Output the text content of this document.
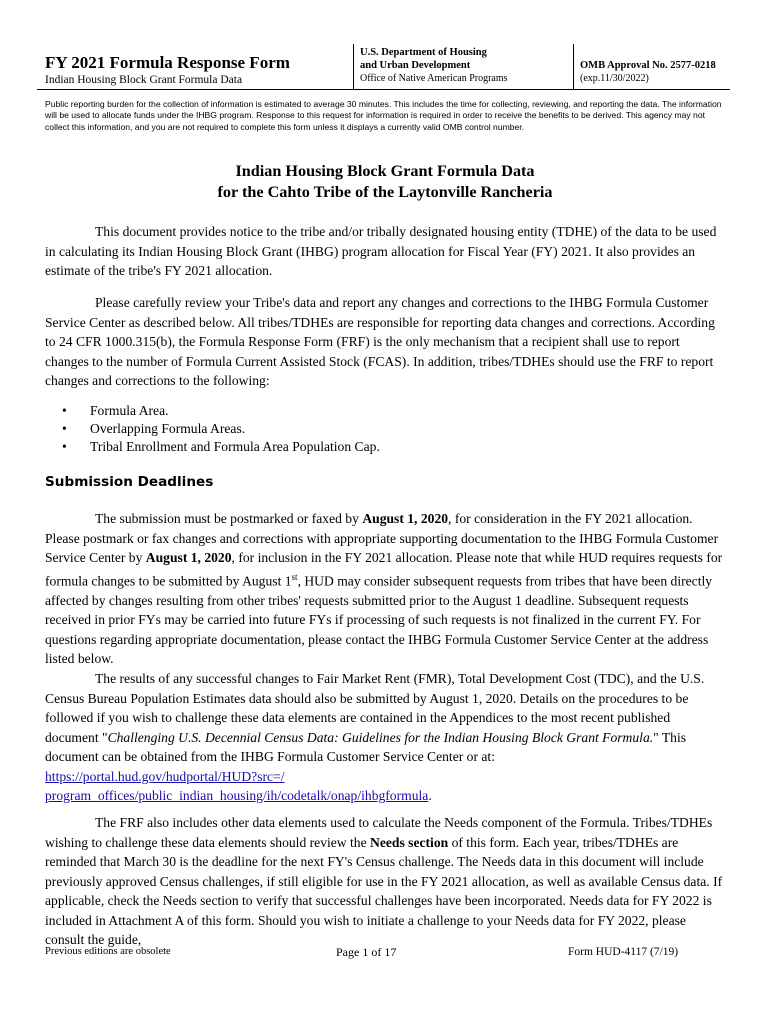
FY 2021 Formula Response Form
Indian Housing Block Grant Formula Data
U.S. Department of Housing
and Urban Development
Office of Native American Programs
OMB Approval No. 2577-0218
(exp.11/30/2022)
Public reporting burden for the collection of information is estimated to average 30 minutes. This includes the time for collecting, reviewing, and reporting the data. The information will be used to allocate funds under the IHBG program. Response to this request for information is required in order to receive the benefits to be derived. This agency may not collect this information, and you are not required to complete this form unless it displays a currently valid OMB control number.
Indian Housing Block Grant Formula Data
for the Cahto Tribe of the Laytonville Rancheria
This document provides notice to the tribe and/or tribally designated housing entity (TDHE) of the data to be used in calculating its Indian Housing Block Grant (IHBG) program allocation for Fiscal Year (FY) 2021. It also provides an estimate of the tribe's FY 2021 allocation.
Please carefully review your Tribe's data and report any changes and corrections to the IHBG Formula Customer Service Center as described below. All tribes/TDHEs are responsible for reporting data changes and corrections. According to 24 CFR 1000.315(b), the Formula Response Form (FRF) is the only mechanism that a recipient shall use to report changes to the number of Formula Current Assisted Stock (FCAS). In addition, tribes/TDHEs should use the FRF to report changes and corrections to the following:
• Formula Area.
• Overlapping Formula Areas.
• Tribal Enrollment and Formula Area Population Cap.
Submission Deadlines
The submission must be postmarked or faxed by August 1, 2020, for consideration in the FY 2021 allocation. Please postmark or fax changes and corrections with appropriate supporting documentation to the IHBG Formula Customer Service Center by August 1, 2020, for inclusion in the FY 2021 allocation. Please note that while HUD requires requests for formula changes to be submitted by August 1st, HUD may consider subsequent requests from tribes that have been directly affected by changes resulting from other tribes' requests submitted prior to the August 1 deadline. Subsequent requests received in prior FYs may be carried into future FYs if processing of such requests is not finalized in the current FY. For questions regarding appropriate documentation, please contact the IHBG Formula Customer Service Center at the address listed below.
The results of any successful changes to Fair Market Rent (FMR), Total Development Cost (TDC), and the U.S. Census Bureau Population Estimates data should also be submitted by August 1, 2020. Details on the procedures to be followed if you wish to challenge these data elements are contained in the Appendices to the most recent published document "Challenging U.S. Decennial Census Data: Guidelines for the Indian Housing Block Grant Formula." This document can be obtained from the IHBG Formula Customer Service Center or at:
https://portal.hud.gov/hudportal/HUD?src=/
program_offices/public_indian_housing/ih/codetalk/onap/ihbgformula.
The FRF also includes other data elements used to calculate the Needs component of the Formula. Tribes/TDHEs wishing to challenge these data elements should review the Needs section of this form. Each year, tribes/TDHEs are reminded that March 30 is the deadline for the next FY's Census challenge. The Needs data in this document will include previously approved Census challenges, if still eligible for use in the FY 2021 allocation, as well as available Census data. If applicable, check the Needs section to verify that successful challenges have been incorporated. Needs data for FY 2022 is included in Attachment A of this form. Should you wish to initiate a challenge to your Needs data for FY 2022, please consult the guide,
Previous editions are obsolete	Page 1 of 17	Form HUD-4117 (7/19)
